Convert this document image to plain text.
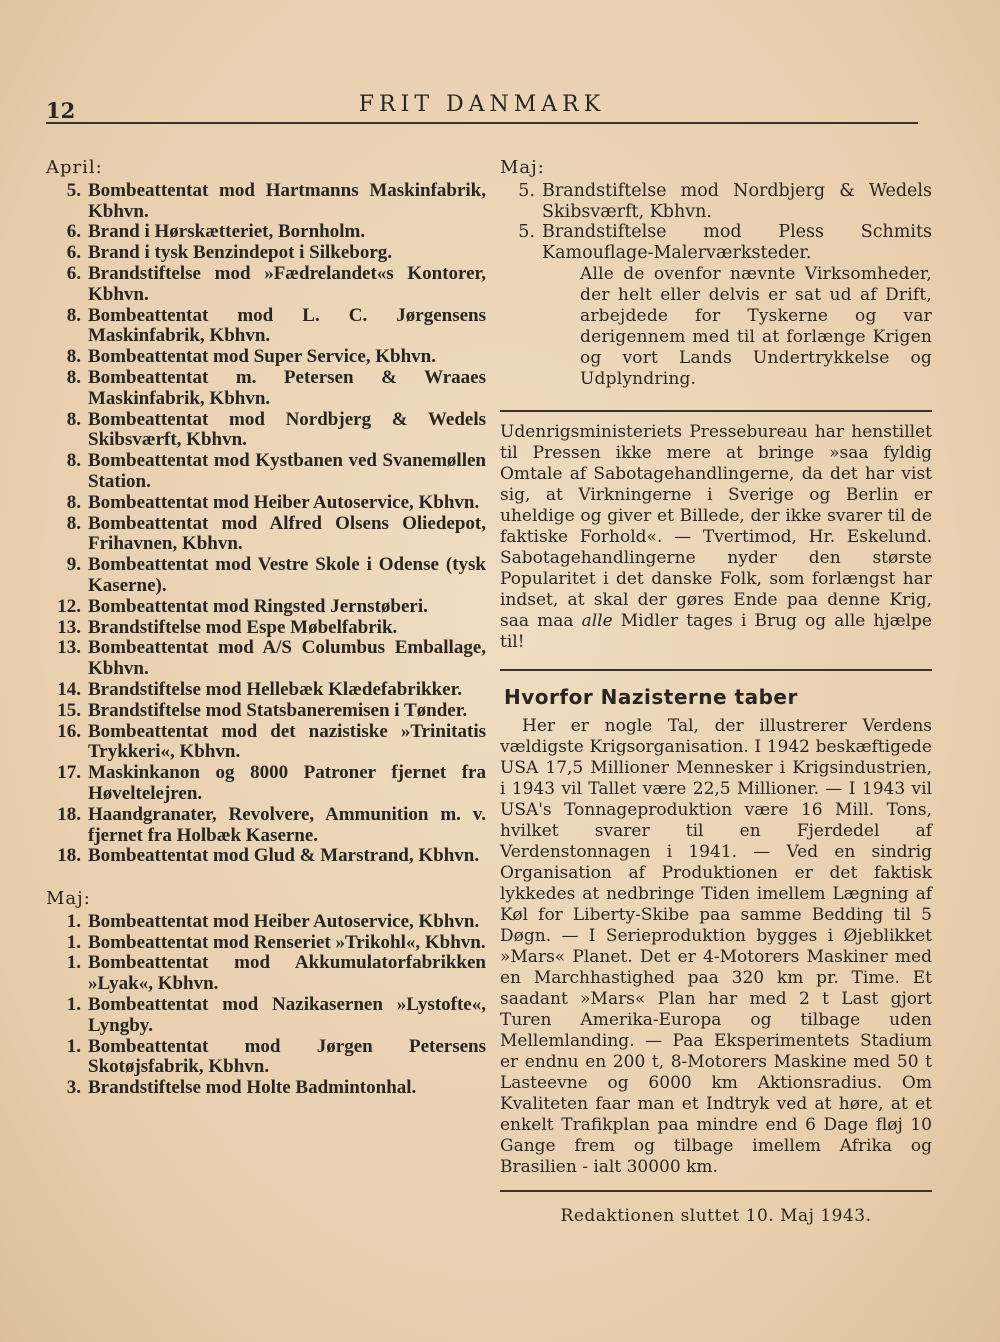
12	FRIT DANMARK
April:
5. Bombeattentat mod Hartmanns Maskinfabrik, Kbhvn.
6. Brand i Hørskætteriet, Bornholm.
6. Brand i tysk Benzindepot i Silkeborg.
6. Brandstiftelse mod »Fædrelandet«s Kontorer, Kbhvn.
8. Bombeattentat mod L. C. Jørgensens Maskinfabrik, Kbhvn.
8. Bombeattentat mod Super Service, Kbhvn.
8. Bombeattentat m. Petersen & Wraaes Maskinfabrik, Kbhvn.
8. Bombeattentat mod Nordbjerg & Wedels Skibsværft, Kbhvn.
8. Bombeattentat mod Kystbanen ved Svanemøllen Station.
8. Bombeattentat mod Heiber Autoservice, Kbhvn.
8. Bombeattentat mod Alfred Olsens Oliedepot, Frihavnen, Kbhvn.
9. Bombeattentat mod Vestre Skole i Odense (tysk Kaserne).
12. Bombeattentat mod Ringsted Jernstøberi.
13. Brandstiftelse mod Espe Møbelfabrik.
13. Bombeattentat mod A/S Columbus Emballage, Kbhvn.
14. Brandstiftelse mod Hellebæk Klædefabrikker.
15. Brandstiftelse mod Statsbaneremisen i Tønder.
16. Bombeattentat mod det nazistiske »Trinitatis Trykkeri«, Kbhvn.
17. Maskinkanon og 8000 Patroner fjernet fra Høveltelejren.
18. Haandgranater, Revolvere, Ammunition m. v. fjernet fra Holbæk Kaserne.
18. Bombeattentat mod Glud & Marstrand, Kbhvn.
Maj:
1. Bombeattentat mod Heiber Autoservice, Kbhvn.
1. Bombeattentat mod Renseriet »Trikohl«, Kbhvn.
1. Bombeattentat mod Akkumulatorfabrikken »Lyak«, Kbhvn.
1. Bombeattentat mod Nazikasernen »Lystofte«, Lyngby.
1. Bombeattentat mod Jørgen Petersens Skotøjsfabrik, Kbhvn.
3. Brandstiftelse mod Holte Badmintonhal.
Maj:
5. Brandstiftelse mod Nordbjerg & Wedels Skibsværft, Kbhvn.
5. Brandstiftelse mod Pless Schmits Kamouflage-Malerværksteder.
Alle de ovenfor nævnte Virksomheder, der helt eller delvis er sat ud af Drift, arbejdede for Tyskerne og var derigennem med til at forlænge Krigen og vort Lands Undertrykkelse og Udplyndring.
Udenrigsministeriets Pressebureau har henstillet til Pressen ikke mere at bringe »saa fyldig Omtale af Sabotagehandlingerne, da det har vist sig, at Virkningerne i Sverige og Berlin er uheldige og giver et Billede, der ikke svarer til de faktiske Forhold«. — Tvertimod, Hr. Eskelund. Sabotagehandlingerne nyder den største Popularitet i det danske Folk, som forlængst har indset, at skal der gøres Ende paa denne Krig, saa maa alle Midler tages i Brug og alle hjælpe til!
Hvorfor Nazisterne taber
Her er nogle Tal, der illustrerer Verdens vældigste Krigsorganisation. I 1942 beskæftigede USA 17,5 Millioner Mennesker i Krigsindustrien, i 1943 vil Tallet være 22,5 Millioner. — I 1943 vil USA's Tonnageproduktion være 16 Mill. Tons, hvilket svarer til en Fjerdedel af Verdenstonnagen i 1941. — Ved en sindrig Organisation af Produktionen er det faktisk lykkedes at nedbringe Tiden imellem Lægning af Køl for Liberty-Skibe paa samme Bedding til 5 Døgn. — I Serieproduktion bygges i Øjeblikket »Mars« Planet. Det er 4-Motorers Maskiner med en Marchhastighed paa 320 km pr. Time. Et saadant »Mars« Plan har med 2 t Last gjort Turen Amerika-Europa og tilbage uden Mellemlanding. — Paa Eksperimentets Stadium er endnu en 200 t, 8-Motorers Maskine med 50 t Lasteevne og 6000 km Aktionsradius. Om Kvaliteten faar man et Indtryk ved at høre, at et enkelt Trafikplan paa mindre end 6 Dage fløj 10 Gange frem og tilbage imellem Afrika og Brasilien - ialt 30000 km.
Redaktionen sluttet 10. Maj 1943.
